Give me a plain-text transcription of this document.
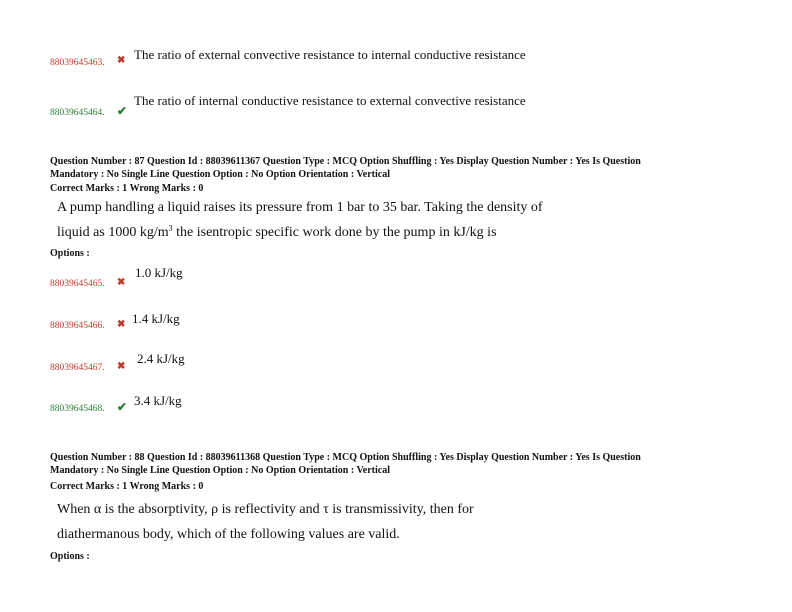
88039645463. ✖ The ratio of external convective resistance to internal conductive resistance
88039645464. ✔
The ratio of internal conductive resistance to external convective resistance
Question Number : 87 Question Id : 88039611367 Question Type : MCQ Option Shuffling : Yes Display Question Number : Yes Is Question
Mandatory : No Single Line Question Option : No Option Orientation : Vertical
Correct Marks : 1 Wrong Marks : 0
A pump handling a liquid raises its pressure from 1 bar to 35 bar. Taking the density of
liquid as 1000 $kg/m^3$ the isentropic specific work done by the pump in kJ/kg is
Options :
88039645465. ✖
1.0 kJ/kg
88039645466. ✖ 1.4 kJ/kg
88039645467. ✖
2.4 kJ/kg
88039645468. ✔ 3.4 kJ/kg
Question Number : 88 Question Id : 88039611368 Question Type : MCQ Option Shuffling : Yes Display Question Number : Yes Is Question
Mandatory : No Single Line Question Option : No Option Orientation : Vertical
Correct Marks : 1 Wrong Marks : 0
When α is the absorptivity, ρ is reflectivity and τ is transmissivity, then for
diathermanous body, which of the following values are valid.
Options :
